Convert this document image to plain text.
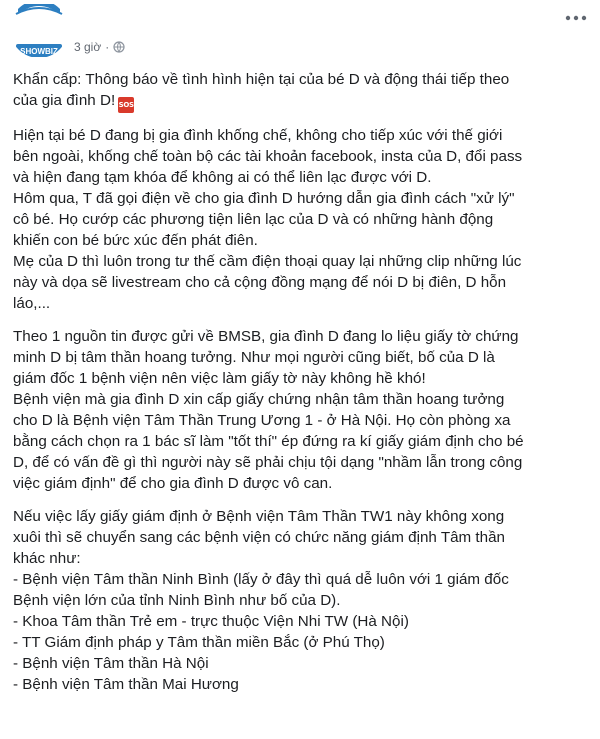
SHOWBIZ 3 giờ ·

Khẩn cấp: Thông báo về tình hình hiện tại của bé D và động thái tiếp theo
của gia đình D! SOS

Hiện tại bé D đang bị gia đình khống chế, không cho tiếp xúc với thế giới
bên ngoài, khống chế toàn bộ các tài khoản facebook, insta của D, đổi pass
và hiện đang tạm khóa để không ai có thể liên lạc được với D.
Hôm qua, T đã gọi điện về cho gia đình D hướng dẫn gia đình cách "xử lý"
cô bé. Họ cướp các phương tiện liên lạc của D và có những hành động
khiến con bé bức xúc đến phát điên.
Mẹ của D thì luôn trong tư thế cầm điện thoại quay lại những clip những lúc
này và dọa sẽ livestream cho cả cộng đồng mạng để nói D bị điên, D hỗn
láo,...

Theo 1 nguồn tin được gửi về BMSB, gia đình D đang lo liệu giấy tờ chứng
minh D bị tâm thần hoang tưởng. Như mọi người cũng biết, bố của D là
giám đốc 1 bệnh viện nên việc làm giấy tờ này không hề khó!
Bệnh viện mà gia đình D xin cấp giấy chứng nhận tâm thần hoang tưởng
cho D là Bệnh viện Tâm Thần Trung Ương 1 - ở Hà Nội. Họ còn phòng xa
bằng cách chọn ra 1 bác sĩ làm "tốt thí" ép đứng ra kí giấy giám định cho bé
D, để có vấn đề gì thì người này sẽ phải chịu tội dạng "nhầm lẫn trong công
việc giám định" để cho gia đình D được vô can.

Nếu việc lấy giấy giám định ở Bệnh viện Tâm Thần TW1 này không xong
xuôi thì sẽ chuyển sang các bệnh viện có chức năng giám định Tâm thần
khác như:
- Bệnh viện Tâm thần Ninh Bình (lấy ở đây thì quá dễ luôn với 1 giám đốc
Bệnh viện lớn của tỉnh Ninh Bình như bố của D).
- Khoa Tâm thần Trẻ em - trực thuộc Viện Nhi TW (Hà Nội)
- TT Giám định pháp y Tâm thần miền Bắc (ở Phú Thọ)
- Bệnh viện Tâm thần Hà Nội
- Bệnh viện Tâm thần Mai Hương
